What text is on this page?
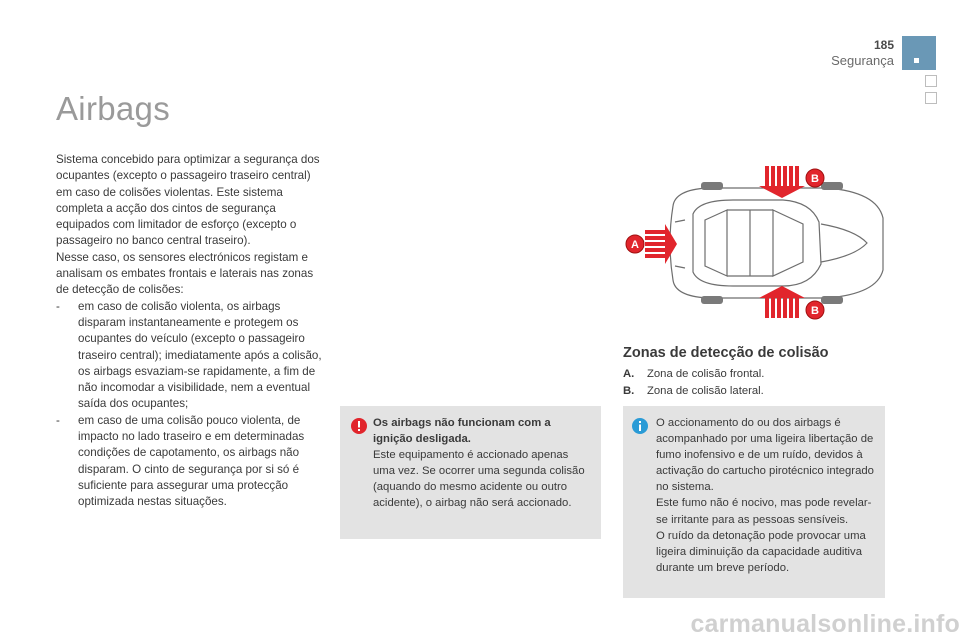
185
Segurança
Airbags

Sistema concebido para optimizar a segurança dos ocupantes (excepto o passageiro traseiro central) em caso de colisões violentas. Este sistema completa a acção dos cintos de segurança equipados com limitador de esforço (excepto o passageiro no banco central traseiro).

Nesse caso, os sensores electrónicos registam e analisam os embates frontais e laterais nas zonas de detecção de colisões:

-	em caso de colisão violenta, os airbags disparam instantaneamente e protegem os ocupantes do veículo (excepto o passageiro traseiro central); imediatamente após a colisão, os airbags esvaziam-se rapidamente, a fim de não incomodar a visibilidade, nem a eventual saída dos ocupantes;
-	em caso de uma colisão pouco violenta, de impacto no lado traseiro e em determinadas condições de capotamento, os airbags não disparam. O cinto de segurança por si só é suficiente para assegurar uma protecção optimizada nestas situações.
Os airbags não funcionam com a ignição desligada.
Este equipamento é accionado apenas uma vez. Se ocorrer uma segunda colisão (aquando do mesmo acidente ou outro acidente), o airbag não será accionado.
A
B
B
Zonas de detecção de colisão
A. Zona de colisão frontal.
B. Zona de colisão lateral.
O accionamento do ou dos airbags é acompanhado por uma ligeira libertação de fumo inofensivo e de um ruído, devidos à activação do cartucho pirotécnico integrado no sistema.
Este fumo não é nocivo, mas pode revelar-se irritante para as pessoas sensíveis.
O ruído da detonação pode provocar uma ligeira diminuição da capacidade auditiva durante um breve período.
carmanualsonline.info
